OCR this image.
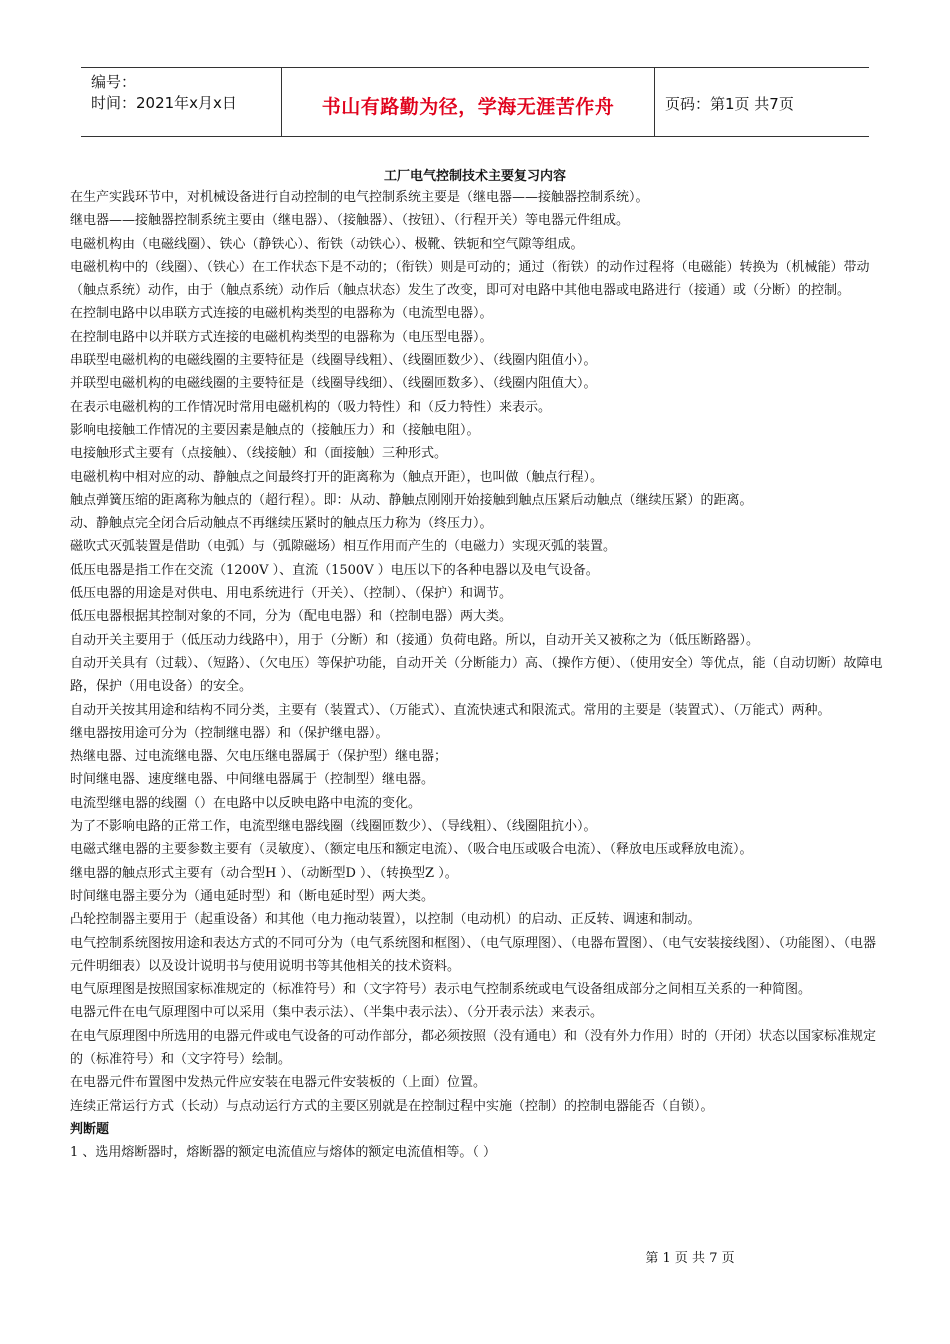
编号：
时间：2021年x月x日	书山有路勤为径，学海无涯苦作舟	页码：第1页 共7页
工厂电气控制技术主要复习内容

在生产实践环节中，对机械设备进行自动控制的电气控制系统主要是（继电器——接触器控制系统）。

继电器——接触器控制系统主要由（继电器）、（接触器）、（按钮）、（行程开关）等电器元件组成。

电磁机构由（电磁线圈）、铁心（静铁心）、衔铁（动铁心）、极靴、铁轭和空气隙等组成。

电磁机构中的（线圈）、（铁心）在工作状态下是不动的；（衔铁）则是可动的；通过（衔铁）的动作过程将（电磁能）转换为（机械能）带动（触点系统）动作，由于（触点系统）动作后（触点状态）发生了改变，即可对电路中其他电器或电路进行（接通）或（分断）的控制。

在控制电路中以串联方式连接的电磁机构类型的电器称为（电流型电器）。

在控制电路中以并联方式连接的电磁机构类型的电器称为（电压型电器）。

串联型电磁机构的电磁线圈的主要特征是（线圈导线粗）、（线圈匝数少）、（线圈内阻值小）。

并联型电磁机构的电磁线圈的主要特征是（线圈导线细）、（线圈匝数多）、（线圈内阻值大）。

在表示电磁机构的工作情况时常用电磁机构的（吸力特性）和（反力特性）来表示。

影响电接触工作情况的主要因素是触点的（接触压力）和（接触电阻）。

电接触形式主要有（点接触）、（线接触）和（面接触）三种形式。

电磁机构中相对应的动、静触点之间最终打开的距离称为（触点开距），也叫做（触点行程）。

触点弹簧压缩的距离称为触点的（超行程）。即：从动、静触点刚刚开始接触到触点压紧后动触点（继续压紧）的距离。

动、静触点完全闭合后动触点不再继续压紧时的触点压力称为（终压力）。

磁吹式灭弧装置是借助（电弧）与（弧隙磁场）相互作用而产生的（电磁力）实现灭弧的装置。

低压电器是指工作在交流（1200V ）、直流（1500V ）电压以下的各种电器以及电气设备。

低压电器的用途是对供电、用电系统进行（开关）、（控制）、（保护）和调节。

低压电器根据其控制对象的不同，分为（配电电器）和（控制电器）两大类。

自动开关主要用于（低压动力线路中），用于（分断）和（接通）负荷电路。所以，自动开关又被称之为（低压断路器）。

自动开关具有（过载）、（短路）、（欠电压）等保护功能，自动开关（分断能力）高、（操作方便）、（使用安全）等优点，能（自动切断）故障电路，保护（用电设备）的安全。

自动开关按其用途和结构不同分类，主要有（装置式）、（万能式）、直流快速式和限流式。常用的主要是（装置式）、（万能式）两种。

继电器按用途可分为（控制继电器）和（保护继电器）。

热继电器、过电流继电器、欠电压继电器属于（保护型）继电器；

时间继电器、速度继电器、中间继电器属于（控制型）继电器。

电流型继电器的线圈（）在电路中以反映电路中电流的变化。

为了不影响电路的正常工作，电流型继电器线圈（线圈匝数少）、（导线粗）、（线圈阻抗小）。

电磁式继电器的主要参数主要有（灵敏度）、（额定电压和额定电流）、（吸合电压或吸合电流）、（释放电压或释放电流）。

继电器的触点形式主要有（动合型H ）、（动断型D ）、（转换型Z ）。

时间继电器主要分为（通电延时型）和（断电延时型）两大类。

凸轮控制器主要用于（起重设备）和其他（电力拖动装置），以控制（电动机）的启动、正反转、调速和制动。

电气控制系统图按用途和表达方式的不同可分为（电气系统图和框图）、（电气原理图）、（电器布置图）、（电气安装接线图）、（功能图）、（电器元件明细表）以及设计说明书与使用说明书等其他相关的技术资料。

电气原理图是按照国家标准规定的（标准符号）和（文字符号）表示电气控制系统或电气设备组成部分之间相互关系的一种简图。

电器元件在电气原理图中可以采用（集中表示法）、（半集中表示法）、（分开表示法）来表示。

在电气原理图中所选用的电器元件或电气设备的可动作部分，都必须按照（没有通电）和（没有外力作用）时的（开闭）状态以国家标准规定的（标准符号）和（文字符号）绘制。

在电器元件布置图中发热元件应安装在电器元件安装板的（上面）位置。

连续正常运行方式（长动）与点动运行方式的主要区别就是在控制过程中实施（控制）的控制电器能否（自锁）。

判断题

1 、选用熔断器时，熔断器的额定电流值应与熔体的额定电流值相等。（ ）

第 1 页 共 7 页
